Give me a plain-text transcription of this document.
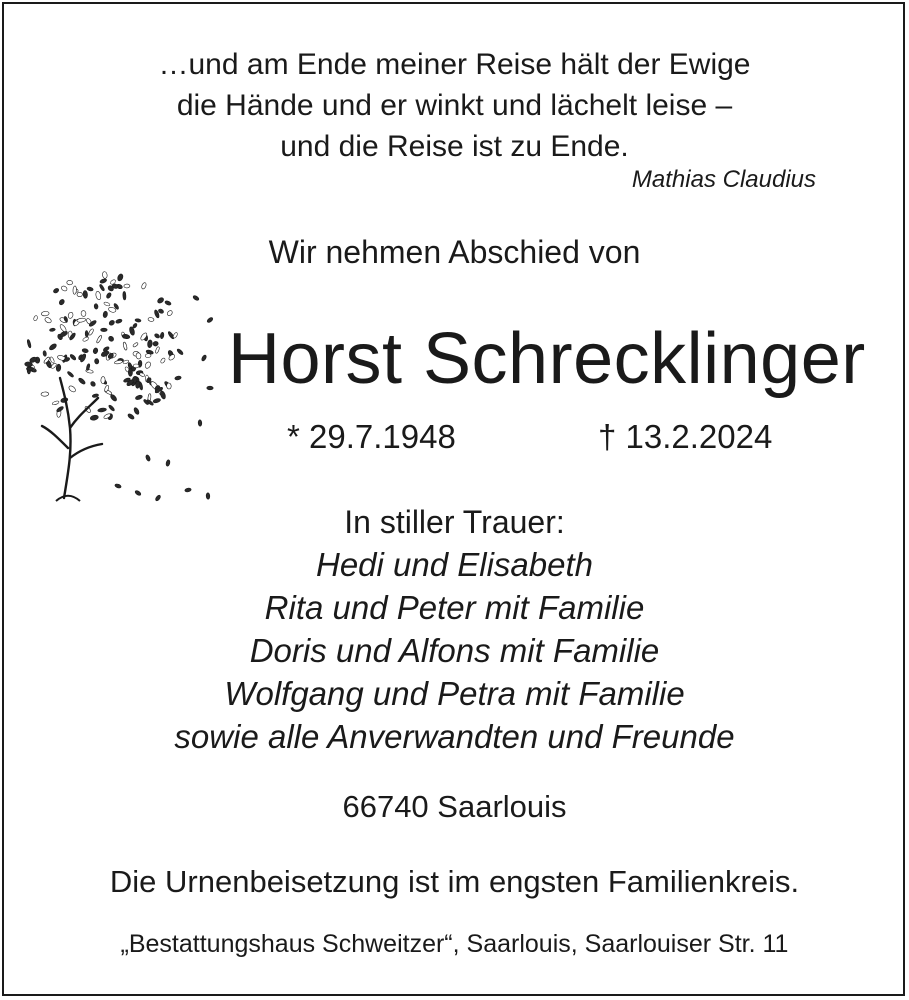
…und am Ende meiner Reise hält der Ewige
die Hände und er winkt und lächelt leise –
und die Reise ist zu Ende.
Mathias Claudius
Wir nehmen Abschied von
Horst Schrecklinger
* 29.7.1948	† 13.2.2024
In stiller Trauer:
Hedi und Elisabeth
Rita und Peter mit Familie
Doris und Alfons mit Familie
Wolfgang und Petra mit Familie
sowie alle Anverwandten und Freunde
66740 Saarlouis
Die Urnenbeisetzung ist im engsten Familienkreis.
„Bestattungshaus Schweitzer“, Saarlouis, Saarlouiser Str. 11
